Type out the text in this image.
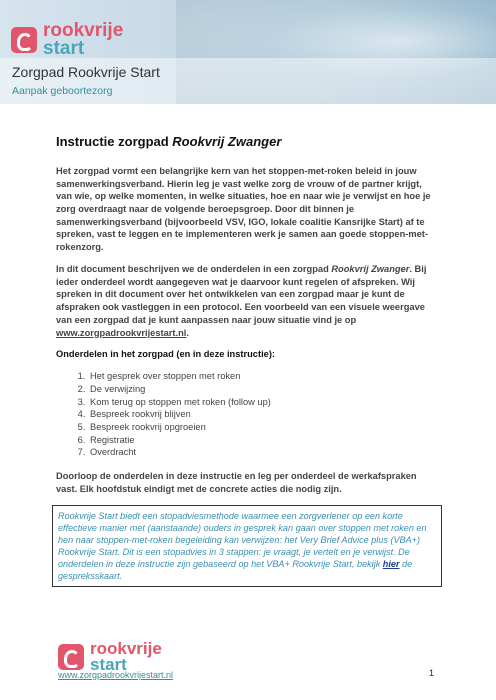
rookvrije
start
Zorgpad Rookvrije Start
Aanpak geboortezorg
Instructie zorgpad Rookvrij Zwanger

Het zorgpad vormt een belangrijke kern van het stoppen-met-roken beleid in jouw samenwerkingsverband. Hierin leg je vast welke zorg de vrouw of de partner krijgt, van wie, op welke momenten, in welke situaties, hoe en naar wie je verwijst en hoe je zorg overdraagt naar de volgende beroepsgroep. Door dit binnen je samenwerkingsverband (bijvoorbeeld VSV, IGO, lokale coalitie Kansrijke Start) af te spreken, vast te leggen en te implementeren werk je samen aan goede stoppen-met-rokenzorg.

In dit document beschrijven we de onderdelen in een zorgpad Rookvrij Zwanger. Bij ieder onderdeel wordt aangegeven wat je daarvoor kunt regelen of afspreken. Wij spreken in dit document over het ontwikkelen van een zorgpad maar je kunt de afspraken ook vastleggen in een protocol. Een voorbeeld van een visuele weergave van een zorgpad dat je kunt aanpassen naar jouw situatie vind je op www.zorgpadrookvrijestart.nl.

Onderdelen in het zorgpad (en in deze instructie):
1. Het gesprek over stoppen met roken
2. De verwijzing
3. Kom terug op stoppen met roken (follow up)
4. Bespreek rookvrij blijven
5. Bespreek rookvrij opgroeien
6. Registratie
7. Overdracht

Doorloop de onderdelen in deze instructie en leg per onderdeel de werkafspraken vast. Elk hoofdstuk eindigt met de concrete acties die nodig zijn.

Rookvrije Start biedt een stopadviesmethode waarmee een zorgverlener op een korte effectieve manier met (aanstaande) ouders in gesprek kan gaan over stoppen met roken en hen naar stoppen-met-roken begeleiding kan verwijzen: het Very Brief Advice plus (VBA+) Rookvrije Start. Dit is een stopadvies in 3 stappen: je vraagt, je vertelt en je verwijst. De onderdelen in deze instructie zijn gebaseerd op het VBA+ Rookvrije Start, bekijk hier de gespreksskaart.
rookvrije
start
www.zorgpadrookvrijestart.nl	1
